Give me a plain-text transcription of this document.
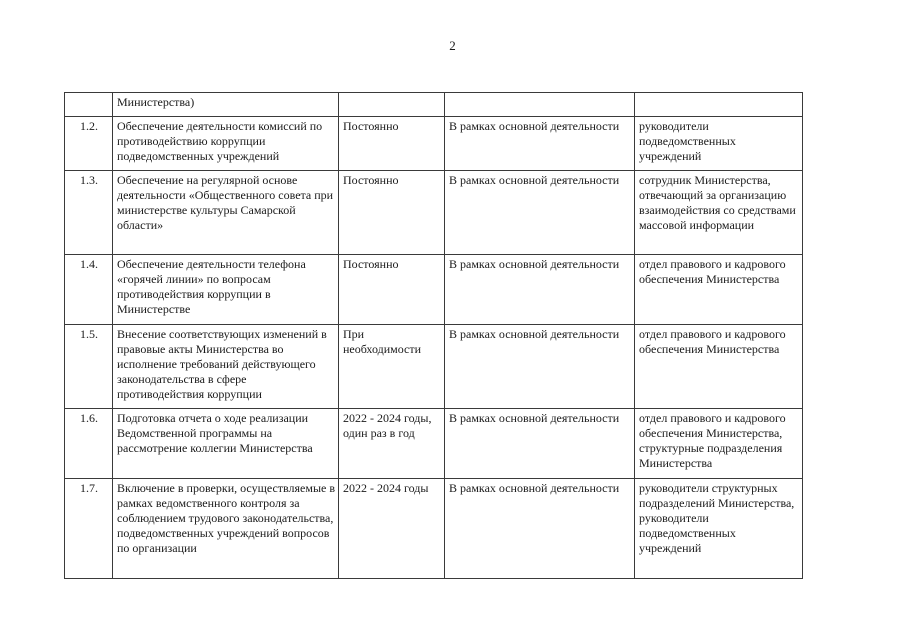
2
	Министерства)			
1.2.	Обеспечение деятельности комиссий по противодействию коррупции подведомственных учреждений	Постоянно	В рамках основной деятельности	руководители подведомственных учреждений
1.3.	Обеспечение на регулярной основе деятельности «Общественного совета при министерстве культуры Самарской области»	Постоянно	В рамках основной деятельности	сотрудник Министерства, отвечающий за организацию взаимодействия со средствами массовой информации
1.4.	Обеспечение деятельности телефона «горячей линии» по вопросам противодействия коррупции в Министерстве	Постоянно	В рамках основной деятельности	отдел правового и кадрового обеспечения Министерства
1.5.	Внесение соответствующих изменений в правовые акты Министерства во исполнение требований действующего законодательства в сфере противодействия коррупции	При необходимости	В рамках основной деятельности	отдел правового и кадрового обеспечения Министерства
1.6.	Подготовка отчета о ходе реализации Ведомственной программы на рассмотрение коллегии Министерства	2022 - 2024 годы, один раз в год	В рамках основной деятельности	отдел правового и кадрового обеспечения Министерства, структурные подразделения Министерства
1.7.	Включение в проверки, осуществляемые в рамках ведомственного контроля за соблюдением трудового законодательства, подведомственных учреждений вопросов по организации	2022 - 2024 годы	В рамках основной деятельности	руководители структурных подразделений Министерства, руководители подведомственных учреждений
